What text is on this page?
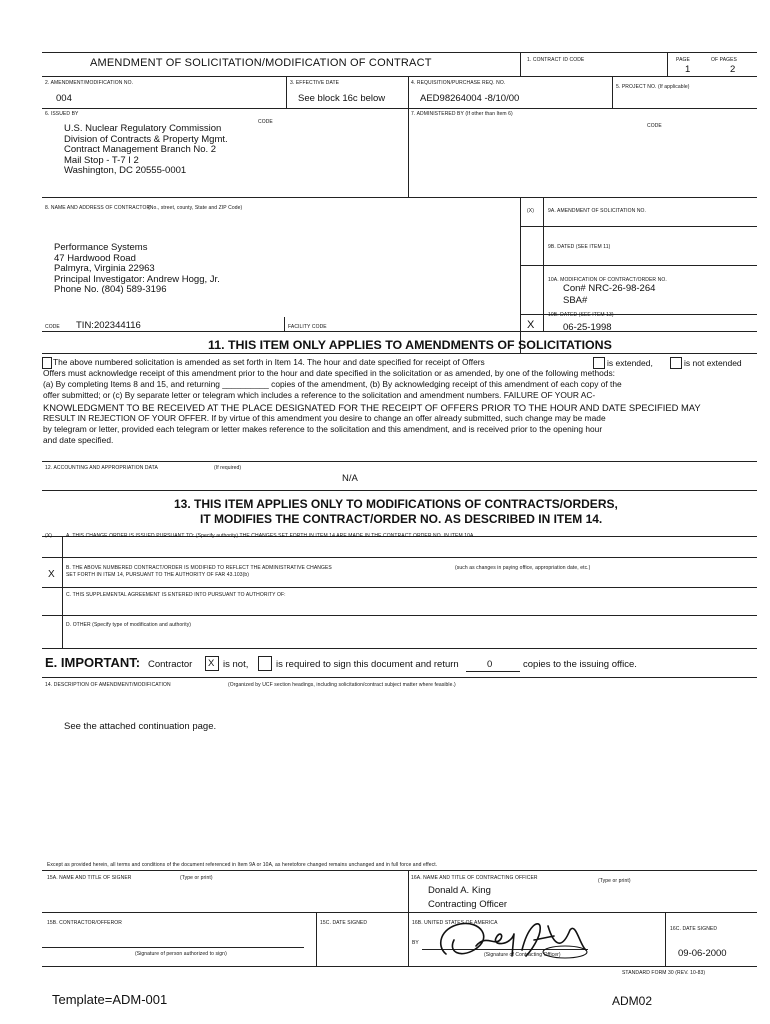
AMENDMENT OF SOLICITATION/MODIFICATION OF CONTRACT	1. CONTRACT ID CODE	PAGE	OF PAGES
1	2
2. AMENDMENT/MODIFICATION NO.
004
3. EFFECTIVE DATE
See block 16c below
4. REQUISITION/PURCHASE REQ. NO.
AED98264004 -8/10/00
5. PROJECT NO. (If applicable)
6. ISSUED BY
CODE
7. ADMINISTERED BY (If other than Item 6)
CODE
U.S. Nuclear Regulatory Commission
Division of Contracts & Property Mgmt.
Contract Management Branch No. 2
Mail Stop - T-7 I 2
Washington, DC 20555-0001
8. NAME AND ADDRESS OF CONTRACTOR
(No., street, county, State and ZIP Code)
Performance Systems
47 Hardwood Road
Palmyra, Virginia 22963
Principal Investigator: Andrew Hogg, Jr.
Phone No. (804) 589-3196
(X)	9A. AMENDMENT OF SOLICITATION NO.
9B. DATED (SEE ITEM 11)
10A. MODIFICATION OF CONTRACT/ORDER NO.
Con# NRC-26-98-264
SBA#
10B. DATED (SEE ITEM 13)
06-25-1998
X
CODE TIN:202344116	FACILITY CODE
11. THIS ITEM ONLY APPLIES TO AMENDMENTS OF SOLICITATIONS
is extended,	is not extended
The above numbered solicitation is amended as set forth in Item 14. The hour and date specified for receipt of Offers
Offers must acknowledge receipt of this amendment prior to the hour and date specified in the solicitation or as amended, by one of the following methods:
(a) By completing Items 8 and 15, and returning __________ copies of the amendment, (b) By acknowledging receipt of this amendment of each copy of the
offer submitted; or (c) By separate letter or telegram which includes a reference to the solicitation and amendment numbers. FAILURE OF YOUR AC-
KNOWLEDGMENT TO BE RECEIVED AT THE PLACE DESIGNATED FOR THE RECEIPT OF OFFERS PRIOR TO THE HOUR AND DATE SPECIFIED MAY
RESULT IN REJECTION OF YOUR OFFER. If by virtue of this amendment you desire to change an offer already submitted, such change may be made
by telegram or letter, provided each telegram or letter makes reference to the solicitation and this amendment, and is received prior to the opening hour
and date specified.
12. ACCOUNTING AND APPROPRIATION DATA	(If required)
N/A
13. THIS ITEM APPLIES ONLY TO MODIFICATIONS OF CONTRACTS/ORDERS,
IT MODIFIES THE CONTRACT/ORDER NO. AS DESCRIBED IN ITEM 14.
(X)	A. THIS CHANGE ORDER IS ISSUED PURSUANT TO: (Specify authority) THE CHANGES SET FORTH IN ITEM 14 ARE MADE IN THE CONTRACT ORDER NO. IN ITEM 10A
B. THE ABOVE NUMBERED CONTRACT/ORDER IS MODIFIED TO REFLECT THE ADMINISTRATIVE CHANGES	(such as changes in paying office, appropriation date, etc.)
SET FORTH IN ITEM 14, PURSUANT TO THE AUTHORITY OF FAR 43.103(b)
X
C. THIS SUPPLEMENTAL AGREEMENT IS ENTERED INTO PURSUANT TO AUTHORITY OF:
D. OTHER (Specify type of modification and authority)
E. IMPORTANT: Contractor X is not,	is required to sign this document and return	0	copies to the issuing office.
14. DESCRIPTION OF AMENDMENT/MODIFICATION	(Organized by UCF section headings, including solicitation/contract subject matter where feasible.)
See the attached continuation page.
Except as provided herein, all terms and conditions of the document referenced in Item 9A or 10A, as heretofore changed remains unchanged and in full force and effect.
15A. NAME AND TITLE OF SIGNER	(Type or print)	16A. NAME AND TITLE OF CONTRACTING OFFICER	(Type or print)
Donald A. King
Contracting Officer
15B. CONTRACTOR/OFFEROR
(Signature of person authorized to sign)
15C. DATE SIGNED	16B. UNITED STATES OF AMERICA
BY
(Signature of Contracting Officer)
16C. DATE SIGNED
09-06-2000
STANDARD FORM 30 (REV. 10-83)
Template=ADM-001	ADM02
